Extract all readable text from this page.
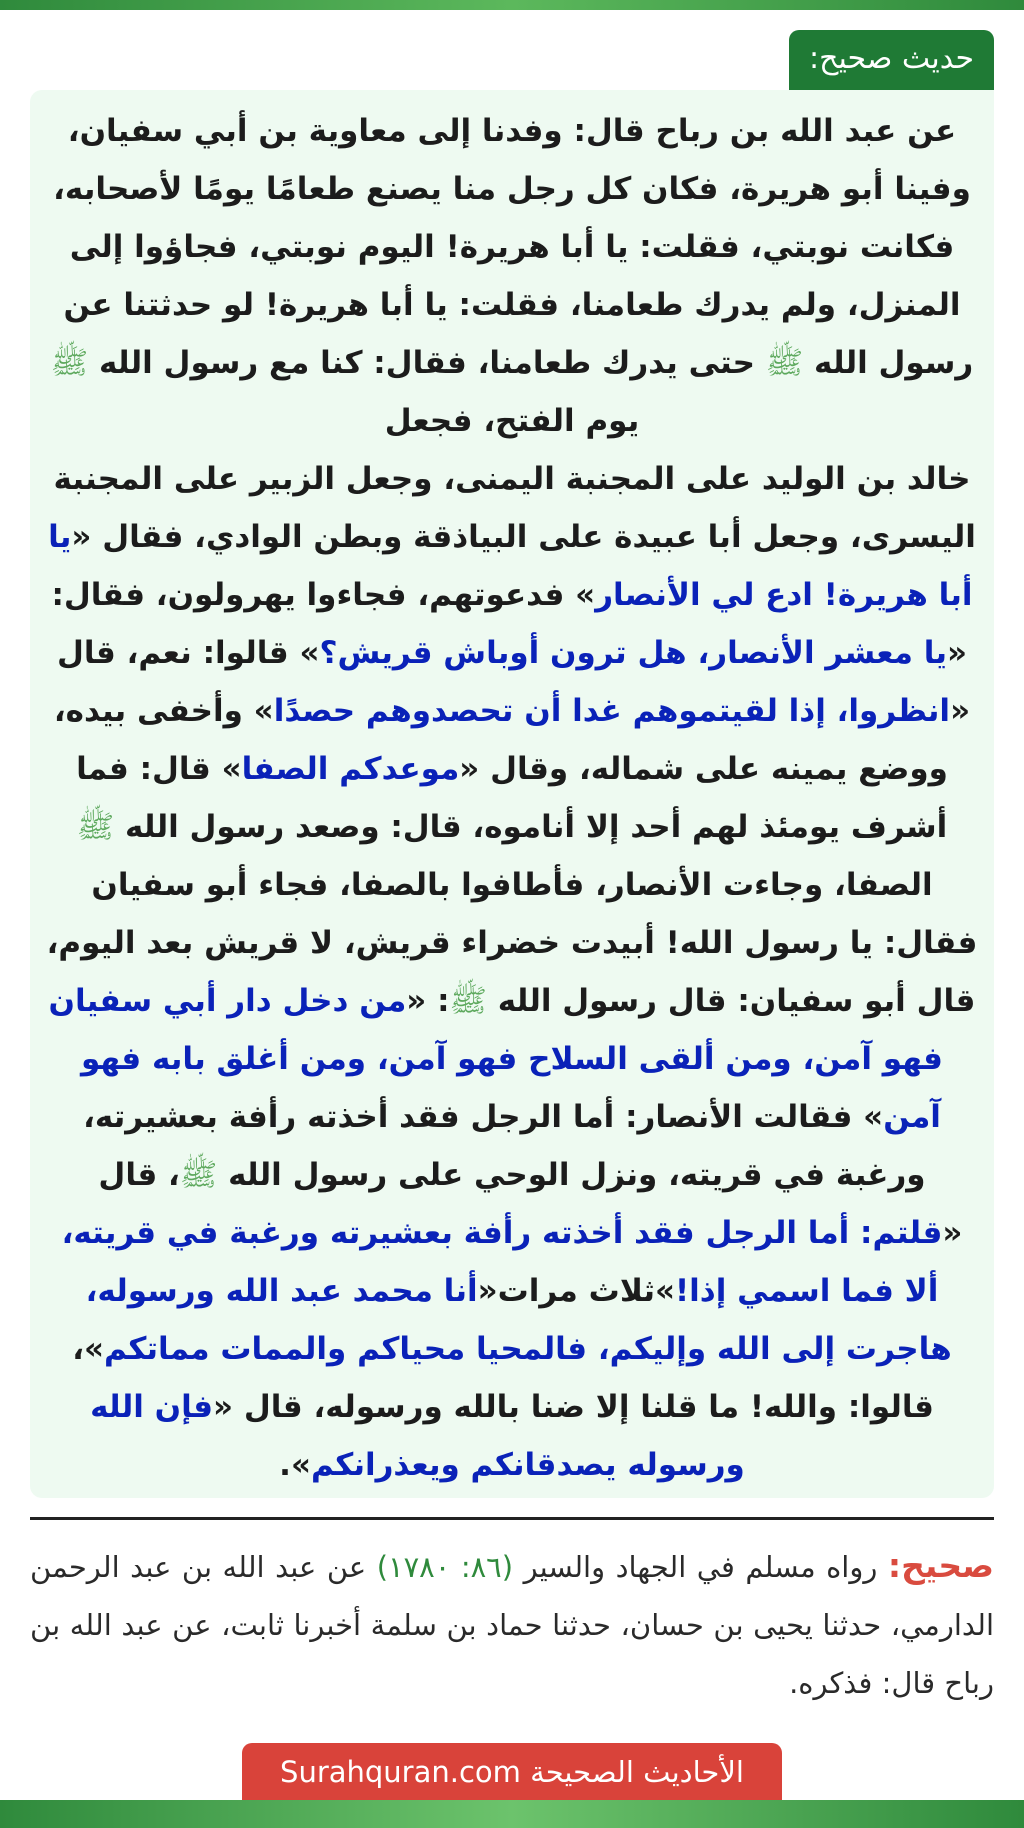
حديث صحيح:
عن عبد الله بن رباح قال: وفدنا إلى معاوية بن أبي سفيان، وفينا أبو هريرة، فكان كل رجل منا يصنع طعامًا يومًا لأصحابه، فكانت نوبتي، فقلت: يا أبا هريرة! اليوم نوبتي، فجاؤوا إلى المنزل، ولم يدرك طعامنا، فقلت: يا أبا هريرة! لو حدثتنا عن رسول الله ﷺ حتى يدرك طعامنا، فقال: كنا مع رسول الله ﷺ يوم الفتح، فجعل
خالد بن الوليد على المجنبة اليمنى، وجعل الزبير على المجنبة اليسرى، وجعل أبا عبيدة على البياذقة وبطن الوادي، فقال «يا أبا هريرة! ادع لي الأنصار» فدعوتهم، فجاءوا يهرولون، فقال: «يا معشر الأنصار، هل ترون أوباش قريش؟» قالوا: نعم، قال «انظروا، إذا لقيتموهم غدا أن تحصدوهم حصدًا» وأخفى بيده، ووضع يمينه على شماله، وقال «موعدكم الصفا» قال: فما أشرف يومئذ لهم أحد إلا أناموه، قال: وصعد رسول الله ﷺ الصفا، وجاءت الأنصار، فأطافوا بالصفا، فجاء أبو سفيان فقال: يا رسول الله! أبيدت خضراء قريش، لا قريش بعد اليوم، قال أبو سفيان: قال رسول الله ﷺ: «من دخل دار أبي سفيان فهو آمن، ومن ألقى السلاح فهو آمن، ومن أغلق بابه فهو آمن» فقالت الأنصار: أما الرجل فقد أخذته رأفة بعشيرته، ورغبة في قريته، ونزل الوحي على رسول الله ﷺ، قال «قلتم: أما الرجل فقد أخذته رأفة بعشيرته ورغبة في قريته، ألا فما اسمي إذا!»ثلاث مرات«أنا محمد عبد الله ورسوله، هاجرت إلى الله وإليكم، فالمحيا محياكم والممات مماتكم»، قالوا: والله! ما قلنا إلا ضنا بالله ورسوله، قال «فإن الله ورسوله يصدقانكم ويعذرانكم».
صحيح: رواه مسلم في الجهاد والسير (٨٦: ١٧٨٠) عن عبد الله بن عبد الرحمن الدارمي، حدثنا يحيى بن حسان، حدثنا حماد بن سلمة أخبرنا ثابت، عن عبد الله بن رباح قال: فذكره.
الأحاديث الصحيحة Surahquran.com
